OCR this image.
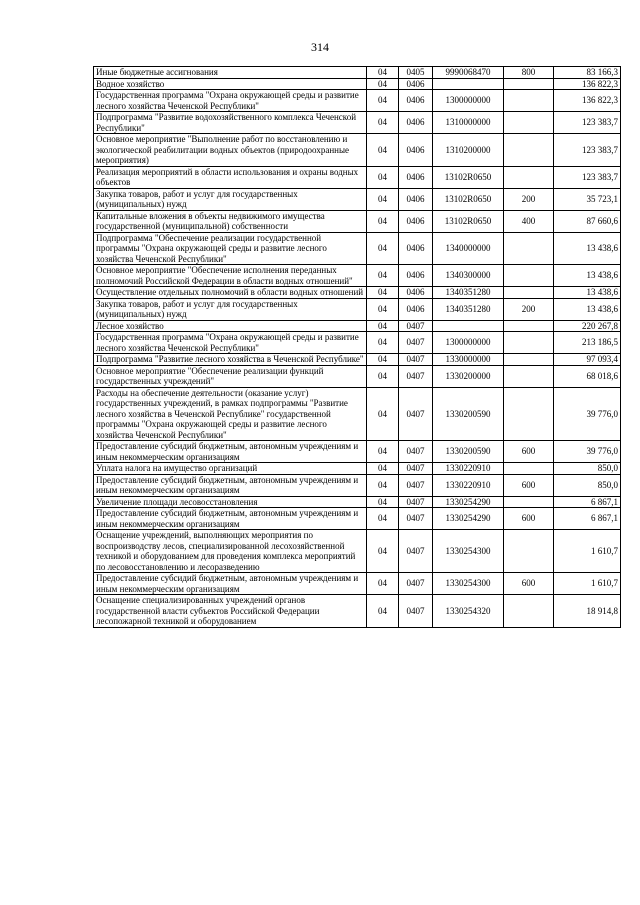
314
Иные бюджетные ассигнования	04	0405	9990068470	800	83 166,3
Водное хозяйство	04	0406			136 822,3
Государственная программа "Охрана окружающей среды и развитие лесного хозяйства Чеченской Республики"	04	0406	1300000000		136 822,3
Подпрограмма "Развитие водохозяйственного комплекса Чеченской Республики"	04	0406	1310000000		123 383,7
Основное мероприятие "Выполнение работ по восстановлению и экологической реабилитации водных объектов (природоохранные мероприятия)	04	0406	1310200000		123 383,7
Реализация мероприятий в области использования и охраны водных объектов	04	0406	13102R0650		123 383,7
Закупка товаров, работ и услуг для государственных (муниципальных) нужд	04	0406	13102R0650	200	35 723,1
Капитальные вложения в объекты недвижимого имущества государственной (муниципальной) собственности	04	0406	13102R0650	400	87 660,6
Подпрограмма "Обеспечение реализации государственной программы "Охрана окружающей среды и развитие лесного хозяйства Чеченской Республики"	04	0406	1340000000		13 438,6
Основное мероприятие "Обеспечение исполнения переданных полномочий Российской Федерации в области водных отношений"	04	0406	1340300000		13 438,6
Осуществление отдельных полномочий в области водных отношений	04	0406	1340351280		13 438,6
Закупка товаров, работ и услуг для государственных (муниципальных) нужд	04	0406	1340351280	200	13 438,6
Лесное хозяйство	04	0407			220 267,8
Государственная программа "Охрана окружающей среды и развитие лесного хозяйства Чеченской Республики"	04	0407	1300000000		213 186,5
Подпрограмма "Развитие лесного хозяйства в Чеченской Республике"	04	0407	1330000000		97 093,4
Основное мероприятие "Обеспечение реализации функций государственных учреждений"	04	0407	1330200000		68 018,6
Расходы на обеспечение деятельности (оказание услуг) государственных учреждений, в рамках подпрограммы "Развитие лесного хозяйства в Чеченской Республике" государственной программы "Охрана окружающей среды и развитие лесного хозяйства Чеченской Республики"	04	0407	1330200590		39 776,0
Предоставление субсидий бюджетным, автономным учреждениям и иным некоммерческим организациям	04	0407	1330200590	600	39 776,0
Уплата налога на имущество организаций	04	0407	1330220910		850,0
Предоставление субсидий бюджетным, автономным учреждениям и иным некоммерческим организациям	04	0407	1330220910	600	850,0
Увеличение площади лесовосстановления	04	0407	1330254290		6 867,1
Предоставление субсидий бюджетным, автономным учреждениям и иным некоммерческим организациям	04	0407	1330254290	600	6 867,1
Оснащение учреждений, выполняющих мероприятия по воспроизводству лесов, специализированной лесохозяйственной техникой и оборудованием для проведения комплекса мероприятий по лесовосстановлению и лесоразведению	04	0407	1330254300		1 610,7
Предоставление субсидий бюджетным, автономным учреждениям и иным некоммерческим организациям	04	0407	1330254300	600	1 610,7
Оснащение специализированных учреждений органов государственной власти субъектов Российской Федерации лесопожарной техникой и оборудованием	04	0407	1330254320		18 914,8
